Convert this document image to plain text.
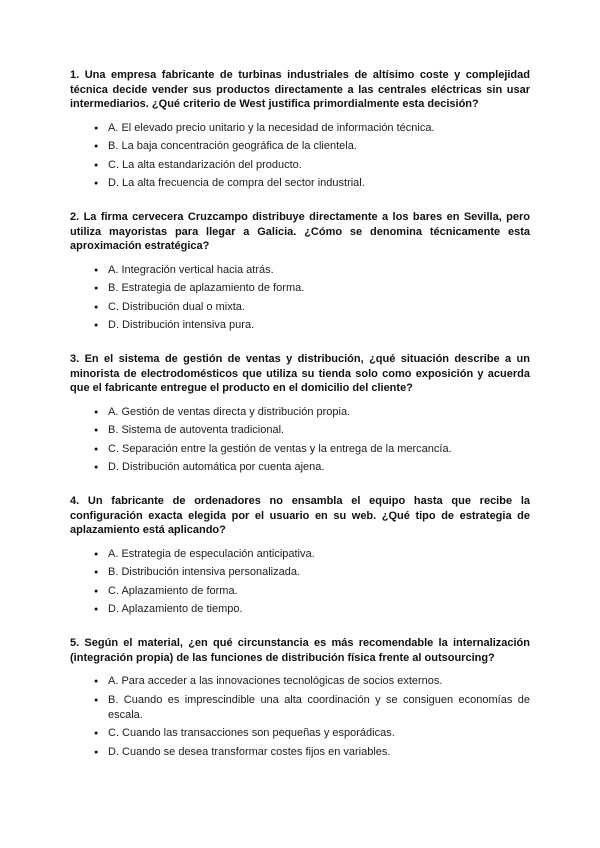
1. Una empresa fabricante de turbinas industriales de altísimo coste y complejidad técnica decide vender sus productos directamente a las centrales eléctricas sin usar intermediarios. ¿Qué criterio de West justifica primordialmente esta decisión?

● A. El elevado precio unitario y la necesidad de información técnica.
● B. La baja concentración geográfica de la clientela.
● C. La alta estandarización del producto.
● D. La alta frecuencia de compra del sector industrial.

2. La firma cervecera Cruzcampo distribuye directamente a los bares en Sevilla, pero utiliza mayoristas para llegar a Galicia. ¿Cómo se denomina técnicamente esta aproximación estratégica?

● A. Integración vertical hacia atrás.
● B. Estrategia de aplazamiento de forma.
● C. Distribución dual o mixta.
● D. Distribución intensiva pura.

3. En el sistema de gestión de ventas y distribución, ¿qué situación describe a un minorista de electrodomésticos que utiliza su tienda solo como exposición y acuerda que el fabricante entregue el producto en el domicilio del cliente?

● A. Gestión de ventas directa y distribución propia.
● B. Sistema de autoventa tradicional.
● C. Separación entre la gestión de ventas y la entrega de la mercancía.
● D. Distribución automática por cuenta ajena.

4. Un fabricante de ordenadores no ensambla el equipo hasta que recibe la configuración exacta elegida por el usuario en su web. ¿Qué tipo de estrategia de aplazamiento está aplicando?

● A. Estrategia de especulación anticipativa.
● B. Distribución intensiva personalizada.
● C. Aplazamiento de forma.
● D. Aplazamiento de tiempo.

5. Según el material, ¿en qué circunstancia es más recomendable la internalización (integración propia) de las funciones de distribución física frente al outsourcing?

● A. Para acceder a las innovaciones tecnológicas de socios externos.
● B. Cuando es imprescindible una alta coordinación y se consiguen economías de escala.
● C. Cuando las transacciones son pequeñas y esporádicas.
● D. Cuando se desea transformar costes fijos en variables.
